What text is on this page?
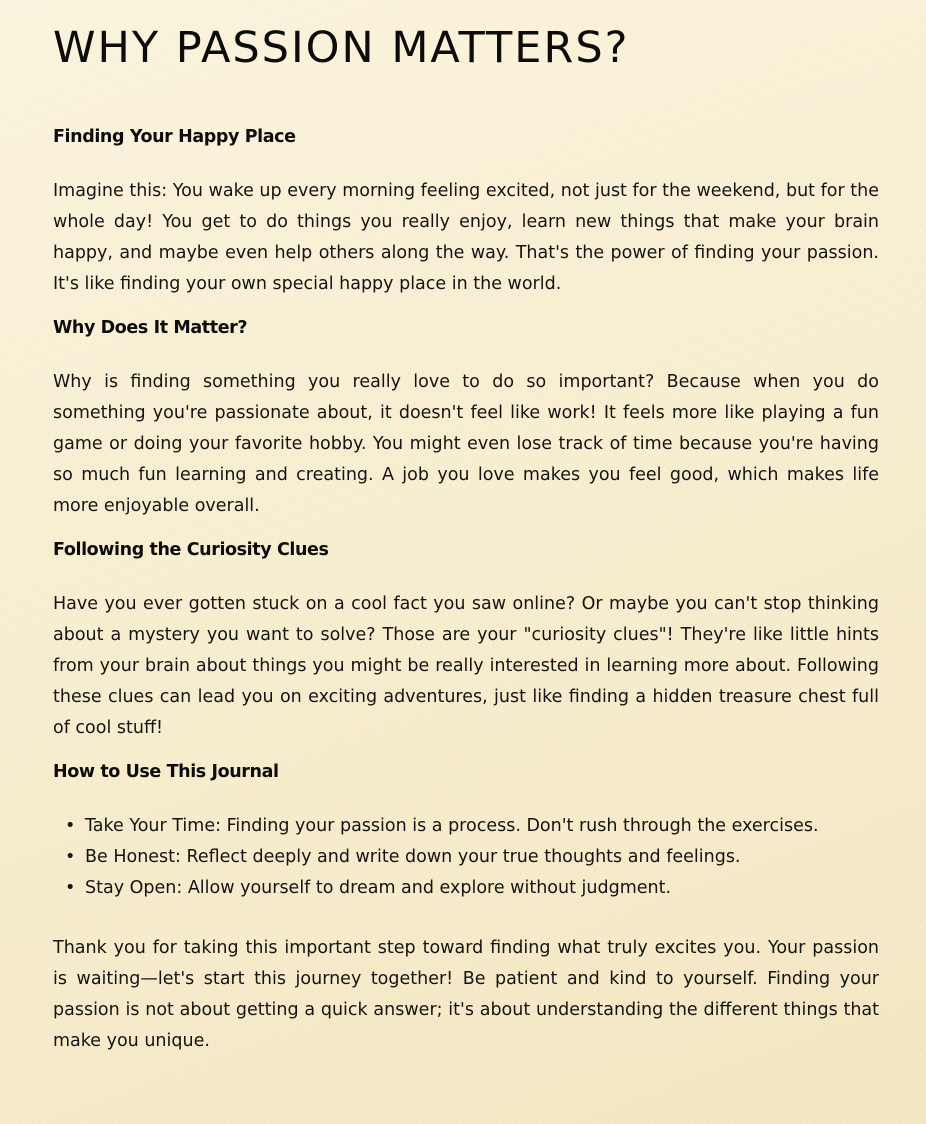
WHY PASSION MATTERS?
Finding Your Happy Place

Imagine this: You wake up every morning feeling excited, not just for the weekend, but for the whole day! You get to do things you really enjoy, learn new things that make your brain happy, and maybe even help others along the way. That's the power of finding your passion. It's like finding your own special happy place in the world.

Why Does It Matter?

Why is finding something you really love to do so important? Because when you do something you're passionate about, it doesn't feel like work! It feels more like playing a fun game or doing your favorite hobby. You might even lose track of time because you're having so much fun learning and creating. A job you love makes you feel good, which makes life more enjoyable overall.

Following the Curiosity Clues

Have you ever gotten stuck on a cool fact you saw online? Or maybe you can't stop thinking about a mystery you want to solve? Those are your "curiosity clues"! They're like little hints from your brain about things you might be really interested in learning more about. Following these clues can lead you on exciting adventures, just like finding a hidden treasure chest full of cool stuff!

How to Use This Journal
• Take Your Time: Finding your passion is a process. Don't rush through the exercises.
• Be Honest: Reflect deeply and write down your true thoughts and feelings.
• Stay Open: Allow yourself to dream and explore without judgment.

Thank you for taking this important step toward finding what truly excites you. Your passion is waiting—let's start this journey together! Be patient and kind to yourself. Finding your passion is not about getting a quick answer; it's about understanding the different things that make you unique.
